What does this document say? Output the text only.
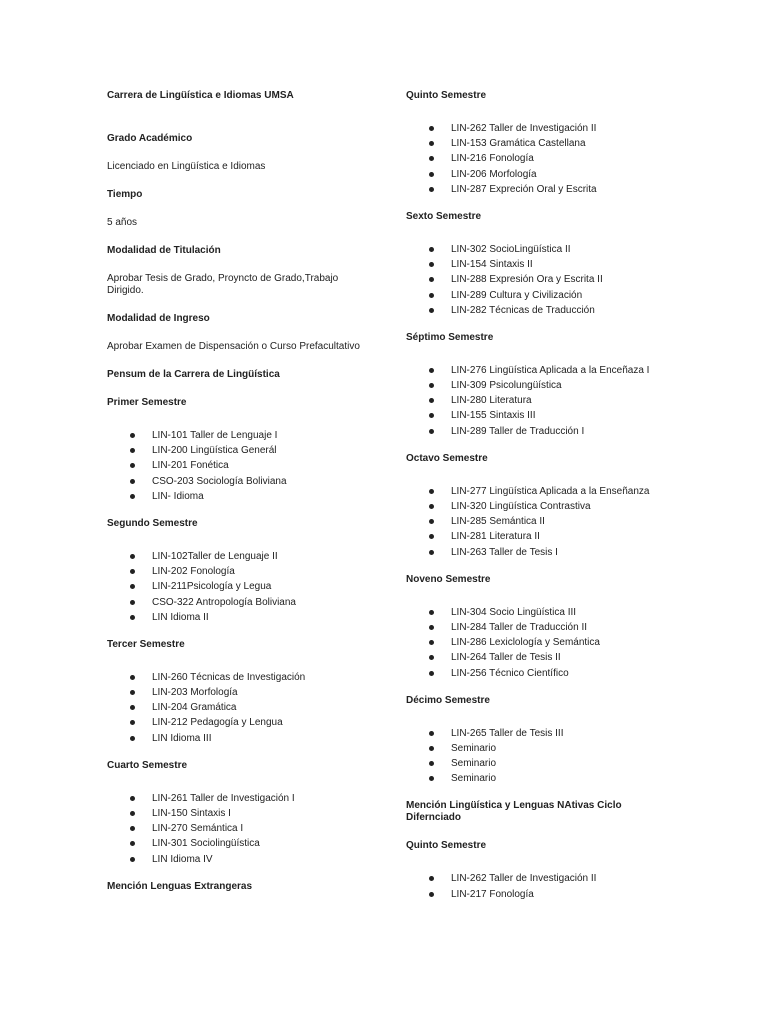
Carrera de Lingüística e Idiomas UMSA

Grado Académico

Licenciado en Lingüística e Idiomas

Tiempo

5 años

Modalidad de Titulación

Aprobar Tesis de Grado, Proyncto de Grado,Trabajo Dirigido.

Modalidad de Ingreso

Aprobar Examen de Dispensación o Curso Prefacultativo

Pensum de la Carrera de Lingüística

Primer Semestre

LIN-101 Taller de Lenguaje I
LIN-200 Lingüística Generál
LIN-201 Fonética
CSO-203 Sociología Boliviana
LIN- Idioma

Segundo Semestre

LIN-102Taller de Lenguaje II
LIN-202 Fonología
LIN-211Psicología y Legua
CSO-322 Antropología Boliviana
LIN Idioma II

Tercer Semestre

LIN-260 Técnicas de Investigación
LIN-203 Morfología
LIN-204 Gramática
LIN-212 Pedagogía y Lengua
LIN Idioma III

Cuarto Semestre

LIN-261 Taller de Investigación I
LIN-150 Sintaxis I
LIN-270 Semántica I
LIN-301 Sociolingüística
LIN Idioma IV

Mención Lenguas Extrangeras

Quinto Semestre

LIN-262 Taller de Investigación II
LIN-153 Gramática Castellana
LIN-216 Fonología
LIN-206 Morfología
LIN-287 Expreción Oral y Escrita

Sexto Semestre

LIN-302 SocioLingüística II
LIN-154 Sintaxis II
LIN-288 Expresión Ora y Escrita II
LIN-289 Cultura y Civilización
LIN-282 Técnicas de Traducción

Séptimo Semestre

LIN-276 Lingüística Aplicada a la Enceñaza I
LIN-309 Psicolungüística
LIN-280 Literatura
LIN-155 Sintaxis III
LIN-289 Taller de Traducción I

Octavo Semestre

LIN-277 Lingüística Aplicada a la Enseñanza
LIN-320 Lingüística Contrastiva
LIN-285 Semántica II
LIN-281 Literatura II
LIN-263 Taller de Tesis I

Noveno Semestre

LIN-304 Socio Lingüística III
LIN-284 Taller de Traducción II
LIN-286 Lexiclología y Semántica
LIN-264 Taller de Tesis II
LIN-256 Técnico Científico

Décimo Semestre

LIN-265 Taller de Tesis III
Seminario
Seminario
Seminario

Mención Lingüística y Lenguas NAtivas Ciclo Difernciado

Quinto Semestre

LIN-262 Taller de Investigación II
LIN-217 Fonología
